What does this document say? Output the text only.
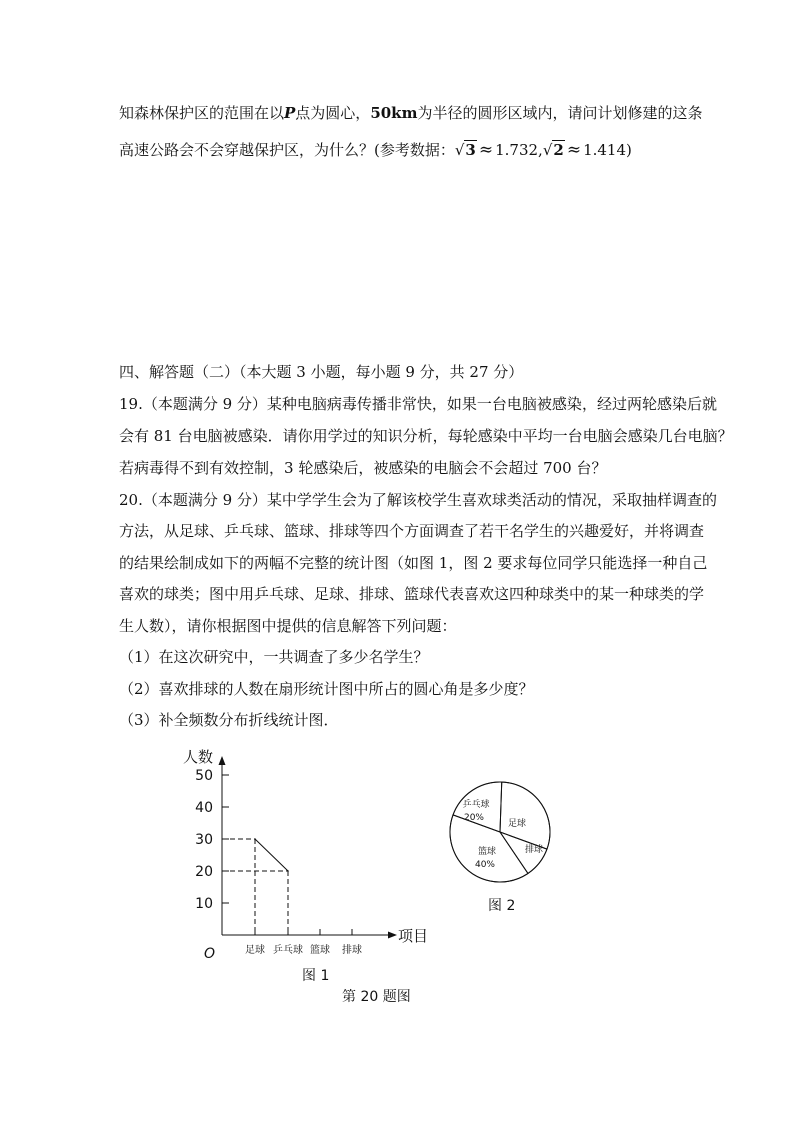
知森林保护区的范围在以P点为圆心，50km为半径的圆形区域内，请问计划修建的这条
高速公路会不会穿越保护区，为什么？(参考数据：√3 ≈ 1.732,√2 ≈ 1.414)
四、解答题（二）（本大题 3 小题，每小题 9 分，共 27 分）
19.（本题满分 9 分）某种电脑病毒传播非常快，如果一台电脑被感染，经过两轮感染后就
会有 81 台电脑被感染．请你用学过的知识分析，每轮感染中平均一台电脑会感染几台电脑？
若病毒得不到有效控制，3 轮感染后，被感染的电脑会不会超过 700 台？
20.（本题满分 9 分）某中学学生会为了解该校学生喜欢球类活动的情况，采取抽样调查的
方法，从足球、乒乓球、篮球、排球等四个方面调查了若干名学生的兴趣爱好，并将调查
的结果绘制成如下的两幅不完整的统计图（如图 1，图 2 要求每位同学只能选择一种自己
喜欢的球类；图中用乒乓球、足球、排球、篮球代表喜欢这四种球类中的某一种球类的学
生人数），请你根据图中提供的信息解答下列问题：
（1）在这次研究中，一共调查了多少名学生？
（2）喜欢排球的人数在扇形统计图中所占的圆心角是多少度？
（3）补全频数分布折线统计图．
人数
项目
O
图 1
10
20
30
40
50
足球 乒乓球 篮球 排球
图 2
足球
排球
篮球
40%
乒乓球
20%
第 20 题图
